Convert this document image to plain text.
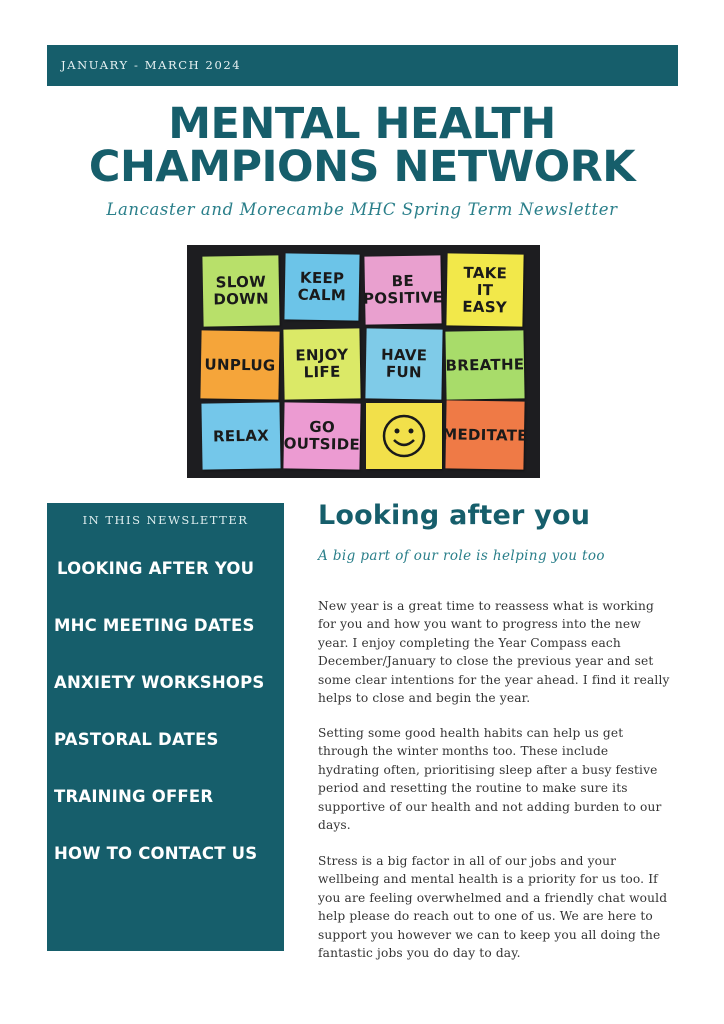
JANUARY - MARCH 2024
MENTAL HEALTH
CHAMPIONS NETWORK
Lancaster and Morecambe MHC Spring Term Newsletter
SLOW
DOWN
KEEP
CALM
BE
POSITIVE
TAKE
IT
EASY
UNPLUG	ENJOY
LIFE
HAVE
FUN	BREATHE
RELAX	GO
OUTSIDE	MEDITATE
IN THIS NEWSLETTER
LOOKING AFTER YOU
MHC MEETING DATES
ANXIETY WORKSHOPS
PASTORAL DATES
TRAINING OFFER
HOW TO CONTACT US
Looking after you
A big part of our role is helping you too

New year is a great time to reassess what is working for you and how you want to progress into the new year. I enjoy completing the Year Compass each December/January to close the previous year and set some clear intentions for the year ahead. I find it really helps to close and begin the year.

Setting some good health habits can help us get through the winter months too. These include hydrating often, prioritising sleep after a busy festive period and resetting the routine to make sure its supportive of our health and not adding burden to our days.

Stress is a big factor in all of our jobs and your wellbeing and mental health is a priority for us too. If you are feeling overwhelmed and a friendly chat would help please do reach out to one of us. We are here to support you however we can to keep you all doing the fantastic jobs you do day to day.
